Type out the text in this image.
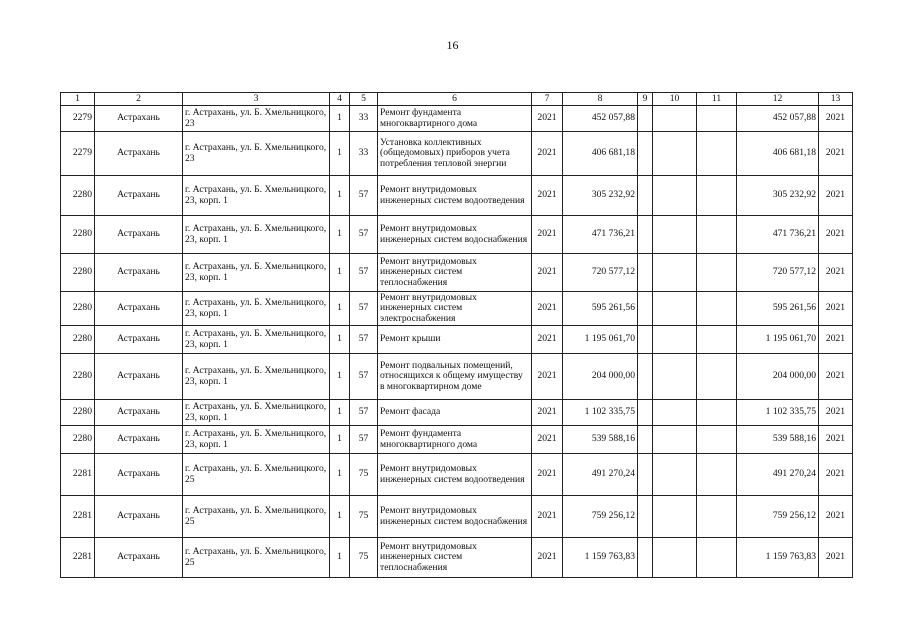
16
1	2	3	4	5	6	7	8	9	10	11	12	13
2279	Астрахань	г. Астрахань, ул. Б. Хмельницкого, 23	1	33	Ремонт фундамента многоквартирного дома	2021	452 057,88				452 057,88	2021
2279	Астрахань	г. Астрахань, ул. Б. Хмельницкого, 23	1	33	Установка коллективных (общедомовых) приборов учета потребления тепловой энергии	2021	406 681,18				406 681,18	2021
2280	Астрахань	г. Астрахань, ул. Б. Хмельницкого, 23, корп. 1	1	57	Ремонт внутридомовых инженерных систем водоотведения	2021	305 232,92				305 232,92	2021
2280	Астрахань	г. Астрахань, ул. Б. Хмельницкого, 23, корп. 1	1	57	Ремонт внутридомовых инженерных систем водоснабжения	2021	471 736,21				471 736,21	2021
2280	Астрахань	г. Астрахань, ул. Б. Хмельницкого, 23, корп. 1	1	57	Ремонт внутридомовых инженерных систем теплоснабжения	2021	720 577,12				720 577,12	2021
2280	Астрахань	г. Астрахань, ул. Б. Хмельницкого, 23, корп. 1	1	57	Ремонт внутридомовых инженерных систем электроснабжения	2021	595 261,56				595 261,56	2021
2280	Астрахань	г. Астрахань, ул. Б. Хмельницкого, 23, корп. 1	1	57	Ремонт крыши	2021	1 195 061,70				1 195 061,70	2021
2280	Астрахань	г. Астрахань, ул. Б. Хмельницкого, 23, корп. 1	1	57	Ремонт подвальных помещений, относящихся к общему имуществу в многоквартирном доме	2021	204 000,00				204 000,00	2021
2280	Астрахань	г. Астрахань, ул. Б. Хмельницкого, 23, корп. 1	1	57	Ремонт фасада	2021	1 102 335,75				1 102 335,75	2021
2280	Астрахань	г. Астрахань, ул. Б. Хмельницкого, 23, корп. 1	1	57	Ремонт фундамента многоквартирного дома	2021	539 588,16				539 588,16	2021
2281	Астрахань	г. Астрахань, ул. Б. Хмельницкого, 25	1	75	Ремонт внутридомовых инженерных систем водоотведения	2021	491 270,24				491 270,24	2021
2281	Астрахань	г. Астрахань, ул. Б. Хмельницкого, 25	1	75	Ремонт внутридомовых инженерных систем водоснабжения	2021	759 256,12				759 256,12	2021
2281	Астрахань	г. Астрахань, ул. Б. Хмельницкого, 25	1	75	Ремонт внутридомовых инженерных систем теплоснабжения	2021	1 159 763,83				1 159 763,83	2021
